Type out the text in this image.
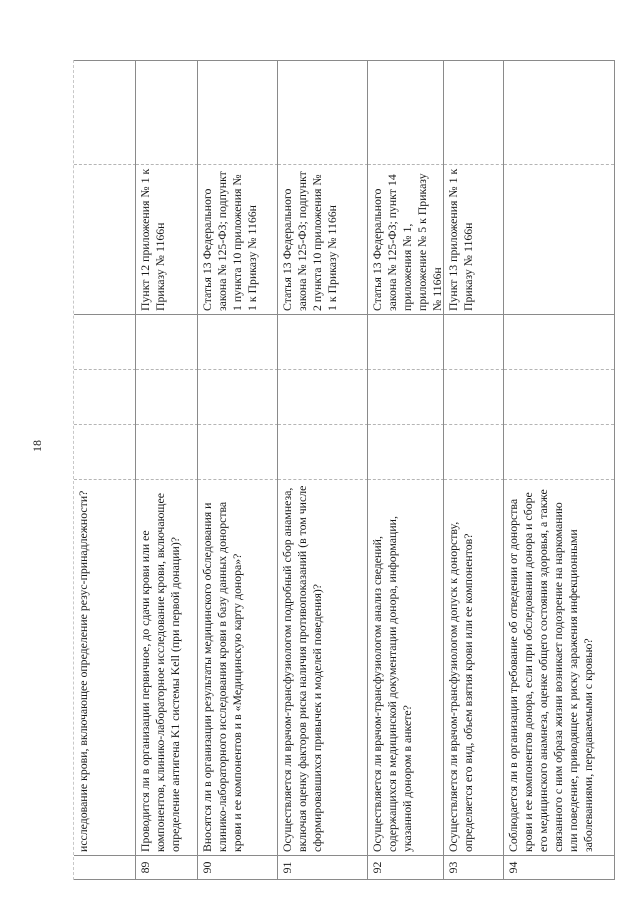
18
исследование крови, включающее определение резус-принадлежности?
89
Проводится ли в организации первичное, до сдачи крови или ее компонентов, клинико-лабораторное исследование крови, включающее определение антигена K1 системы Kell (при первой донации)?
Пункт 12 приложения № 1 к Приказу № 1166н
90
Вносятся ли в организации результаты медицинского обследования и клинико-лабораторного исследования крови в базу данных донорства крови и ее компонентов и в «Медицинскую карту донора»?
Статья 13 Федерального закона № 125-ФЗ; подпункт 1 пункта 10 приложения № 1 к Приказу № 1166н
91
Осуществляется ли врачом-трансфузиологом подробный сбор анамнеза, включая оценку факторов риска наличия противопоказаний (в том числе сформировавшихся привычек и моделей поведения)?
Статья 13 Федерального закона № 125-ФЗ; подпункт 2 пункта 10 приложения № 1 к Приказу № 1166н
92
Осуществляется ли врачом-трансфузиологом анализ сведений, содержащихся в медицинской документации донора, информации, указанной донором в анкете?
Статья 13 Федерального закона № 125-ФЗ; пункт 14 приложения № 1, приложение № 5 к Приказу № 1166н
93
Осуществляется ли врачом-трансфузиологом допуск к донорству, определяется его вид, объем взятия крови или ее компонентов?
Пункт 13 приложения № 1 к Приказу № 1166н
94
Соблюдается ли в организации требование об отведении от донорства крови и ее компонентов донора, если при обследовании донора и сборе его медицинского анамнеза, оценке общего состояния здоровья, а также связанного с ним образа жизни возникает подозрение на наркоманию или поведение, приводящее к риску заражения инфекционными заболеваниями, передаваемыми с кровью?
